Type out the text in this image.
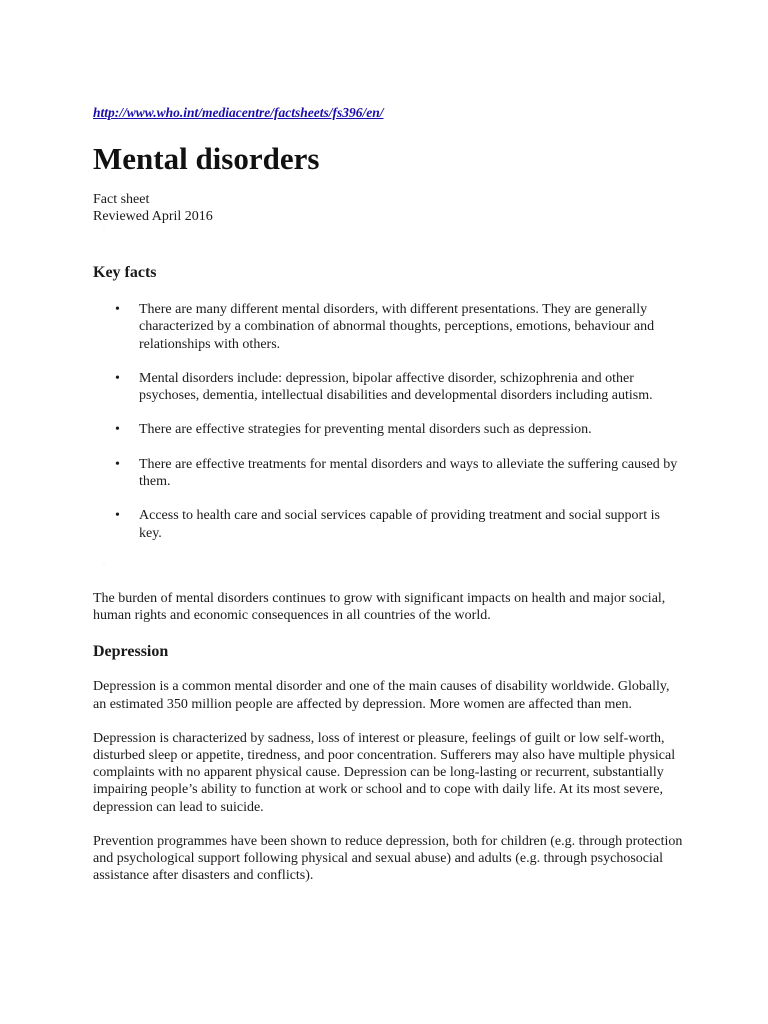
http://www.who.int/mediacentre/factsheets/fs396/en/
Mental disorders
Fact sheet
Reviewed April 2016
·
Key facts
• There are many different mental disorders, with different presentations. They are generally characterized by a combination of abnormal thoughts, perceptions, emotions, behaviour and relationships with others.
• Mental disorders include: depression, bipolar affective disorder, schizophrenia and other psychoses, dementia, intellectual disabilities and developmental disorders including autism.
• There are effective strategies for preventing mental disorders such as depression.
• There are effective treatments for mental disorders and ways to alleviate the suffering caused by them.
• Access to health care and social services capable of providing treatment and social support is key.
·

The burden of mental disorders continues to grow with significant impacts on health and major social, human rights and economic consequences in all countries of the world.

Depression

Depression is a common mental disorder and one of the main causes of disability worldwide. Globally, an estimated 350 million people are affected by depression. More women are affected than men.

Depression is characterized by sadness, loss of interest or pleasure, feelings of guilt or low self-worth, disturbed sleep or appetite, tiredness, and poor concentration. Sufferers may also have multiple physical complaints with no apparent physical cause. Depression can be long-lasting or recurrent, substantially impairing people’s ability to function at work or school and to cope with daily life. At its most severe, depression can lead to suicide.

Prevention programmes have been shown to reduce depression, both for children (e.g. through protection and psychological support following physical and sexual abuse) and adults (e.g. through psychosocial assistance after disasters and conflicts).
